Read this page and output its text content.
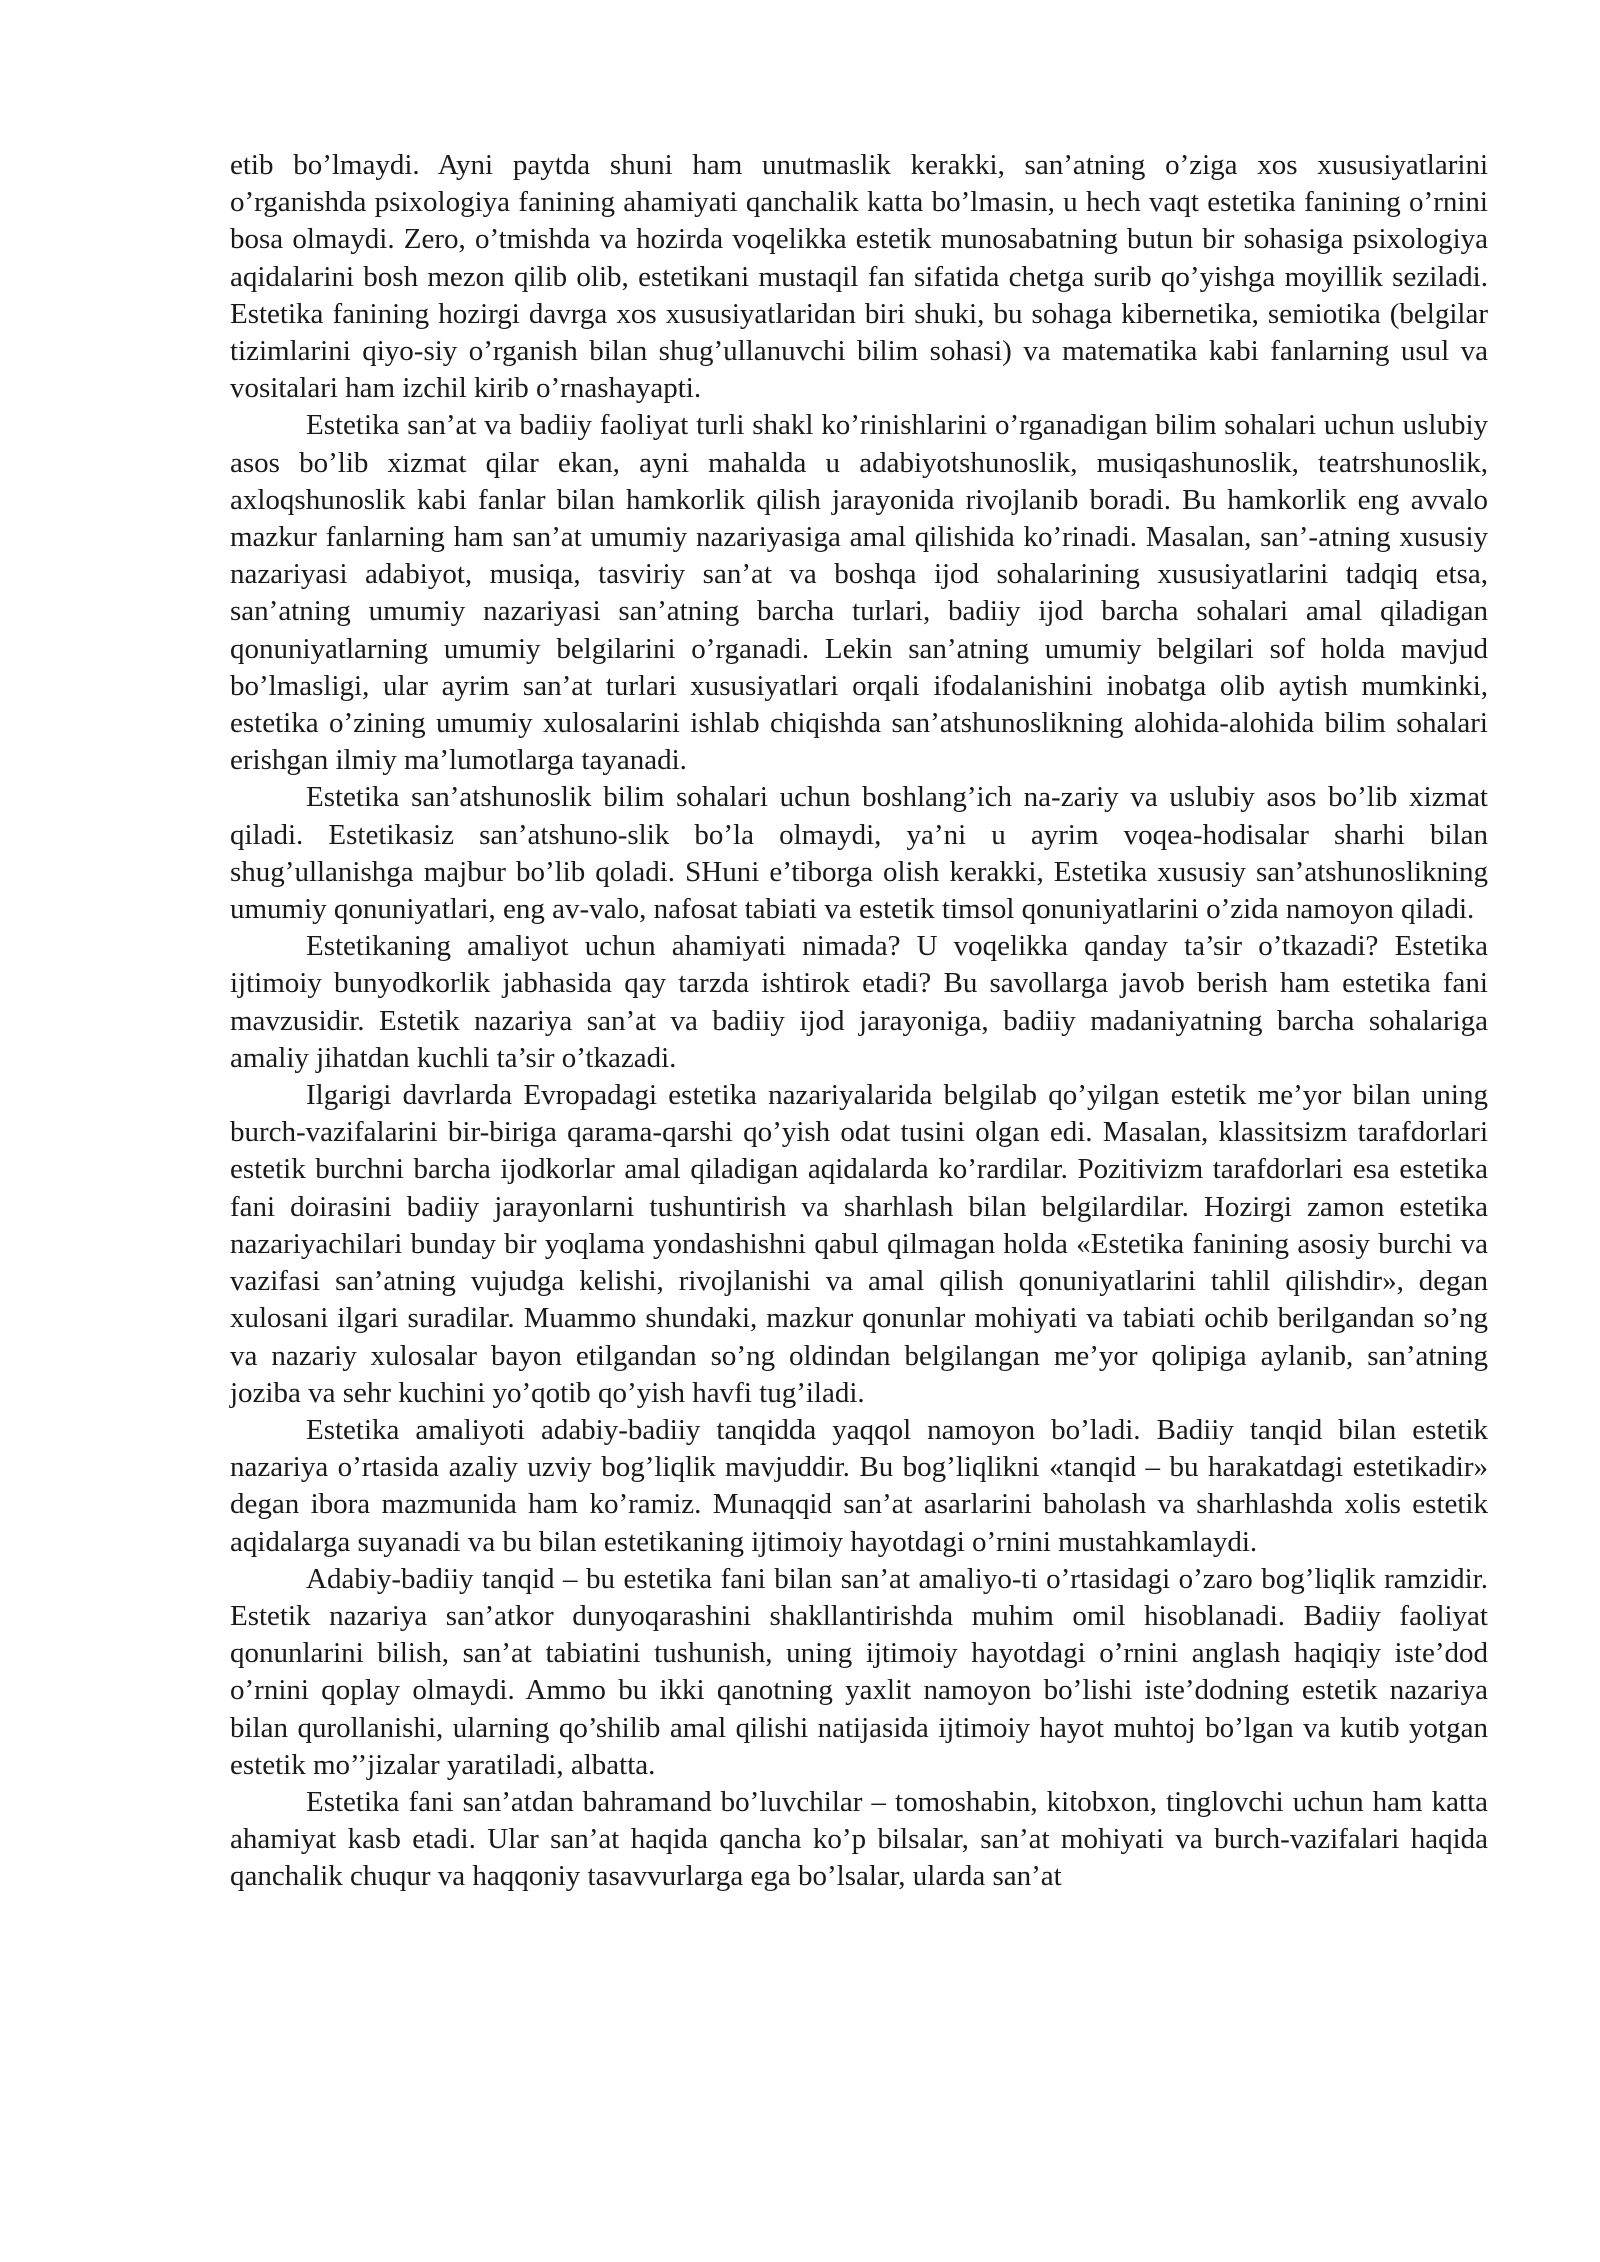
etib bo’lmaydi. Ayni paytda shuni ham unutmaslik kerakki, san’atning o’ziga xos xususiyatlarini o’rganishda psixologiya fanining ahamiyati qanchalik katta bo’lmasin, u hech vaqt estetika fanining o’rnini bosa olmaydi. Zero, o’tmishda va hozirda voqelikka estetik munosabatning butun bir sohasiga psixologiya aqidalarini bosh mezon qilib olib, estetikani mustaqil fan sifatida chetga surib qo’yishga moyillik seziladi. Estetika fanining hozirgi davrga xos xususiyatlaridan biri shuki, bu sohaga kibernetika, semiotika (belgilar tizimlarini qiyo-siy o’rganish bilan shug’ullanuvchi bilim sohasi) va matematika kabi fanlarning usul va vositalari ham izchil kirib o’rnashayapti.

Estetika san’at va badiiy faoliyat turli shakl ko’rinishlarini o’rganadigan bilim sohalari uchun uslubiy asos bo’lib xizmat qilar ekan, ayni mahalda u adabiyotshunoslik, musiqashunoslik, teatrshunoslik, axloqshunoslik kabi fanlar bilan hamkorlik qilish jarayonida rivojlanib boradi. Bu hamkorlik eng avvalo mazkur fanlarning ham san’at umumiy nazariyasiga amal qilishida ko’rinadi. Masalan, san’-atning xususiy nazariyasi adabiyot, musiqa, tasviriy san’at va boshqa ijod sohalarining xususiyatlarini tadqiq etsa, san’atning umumiy nazariyasi san’atning barcha turlari, badiiy ijod barcha sohalari amal qiladigan qonuniyatlarning umumiy belgilarini o’rganadi. Lekin san’atning umumiy belgilari sof holda mavjud bo’lmasligi, ular ayrim san’at turlari xususiyatlari orqali ifodalanishini inobatga olib aytish mumkinki, estetika o’zining umumiy xulosalarini ishlab chiqishda san’atshunoslikning alohida-alohida bilim sohalari erishgan ilmiy ma’lumotlarga tayanadi.

Estetika san’atshunoslik bilim sohalari uchun boshlang’ich na-zariy va uslubiy asos bo’lib xizmat qiladi. Estetikasiz san’atshuno-slik bo’la olmaydi, ya’ni u ayrim voqea-hodisalar sharhi bilan shug’ullanishga majbur bo’lib qoladi. SHuni e’tiborga olish kerakki, Estetika xususiy san’atshunoslikning umumiy qonuniyatlari, eng av-valo, nafosat tabiati va estetik timsol qonuniyatlarini o’zida namoyon qiladi.

Estetikaning amaliyot uchun ahamiyati nimada? U voqelikka qanday ta’sir o’tkazadi? Estetika ijtimoiy bunyodkorlik jabhasida qay tarzda ishtirok etadi? Bu savollarga javob berish ham estetika fani mavzusidir. Estetik nazariya san’at va badiiy ijod jarayoniga, badiiy madaniyatning barcha sohalariga amaliy jihatdan kuchli ta’sir o’tkazadi.

Ilgarigi davrlarda Evropadagi estetika nazariyalarida belgilab qo’yilgan estetik me’yor bilan uning burch-vazifalarini bir-biriga qarama-qarshi qo’yish odat tusini olgan edi. Masalan, klassitsizm tarafdorlari estetik burchni barcha ijodkorlar amal qiladigan aqidalarda ko’rardilar. Pozitivizm tarafdorlari esa estetika fani doirasini badiiy jarayonlarni tushuntirish va sharhlash bilan belgilardilar. Hozirgi zamon estetika nazariyachilari bunday bir yoqlama yondashishni qabul qilmagan holda «Estetika fanining asosiy burchi va vazifasi san’atning vujudga kelishi, rivojlanishi va amal qilish qonuniyatlarini tahlil qilishdir», degan xulosani ilgari suradilar. Muammo shundaki, mazkur qonunlar mohiyati va tabiati ochib berilgandan so’ng va nazariy xulosalar bayon etilgandan so’ng oldindan belgilangan me’yor qolipiga aylanib, san’atning joziba va sehr kuchini yo’qotib qo’yish havfi tug’iladi.

Estetika amaliyoti adabiy-badiiy tanqidda yaqqol namoyon bo’ladi. Badiiy tanqid bilan estetik nazariya o’rtasida azaliy uzviy bog’liqlik mavjuddir. Bu bog’liqlikni «tanqid – bu harakatdagi estetikadir» degan ibora mazmunida ham ko’ramiz. Munaqqid san’at asarlarini baholash va sharhlashda xolis estetik aqidalarga suyanadi va bu bilan estetikaning ijtimoiy hayotdagi o’rnini mustahkamlaydi.

Adabiy-badiiy tanqid – bu estetika fani bilan san’at amaliyo-ti o’rtasidagi o’zaro bog’liqlik ramzidir. Estetik nazariya san’atkor dunyoqarashini shakllantirishda muhim omil hisoblanadi. Badiiy faoliyat qonunlarini bilish, san’at tabiatini tushunish, uning ijtimoiy hayotdagi o’rnini anglash haqiqiy iste’dod o’rnini qoplay olmaydi. Ammo bu ikki qanotning yaxlit namoyon bo’lishi iste’dodning estetik nazariya bilan qurollanishi, ularning qo’shilib amal qilishi natijasida ijtimoiy hayot muhtoj bo’lgan va kutib yotgan estetik mo’’jizalar yaratiladi, albatta.

Estetika fani san’atdan bahramand bo’luvchilar – tomoshabin, kitobxon, tinglovchi uchun ham katta ahamiyat kasb etadi. Ular san’at haqida qancha ko’p bilsalar, san’at mohiyati va burch-vazifalari haqida qanchalik chuqur va haqqoniy tasavvurlarga ega bo’lsalar, ularda san’at
